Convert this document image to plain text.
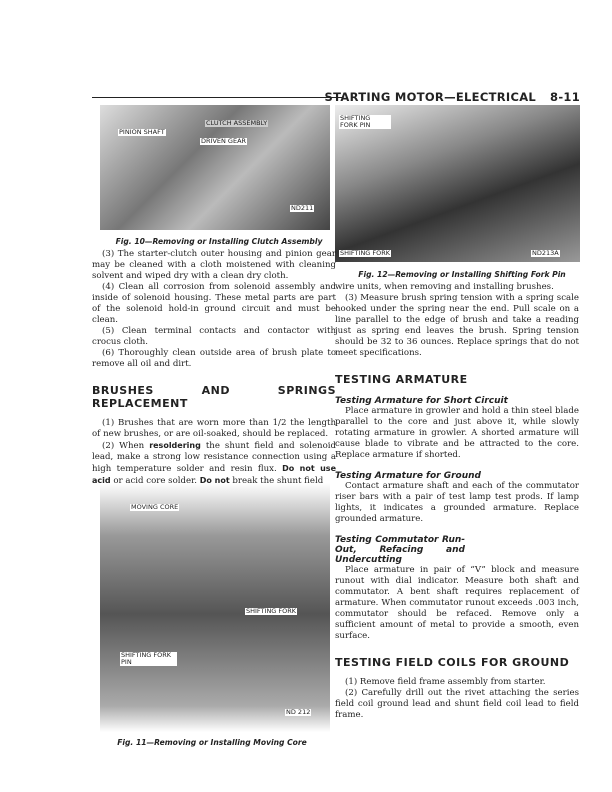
STARTING MOTOR—ELECTRICAL 8-11
CLUTCH ASSEMBLY
PINION SHAFT
DRIVEN GEAR
ND211
SHIFTING FORK PIN
SHIFTING FORK	ND213A
MOVING CORE
SHIFTING FORK
SHIFTING FORK PIN
ND 212

Fig. 11—Removing or Installing Moving Core

Fig. 10—Removing or Installing Clutch Assembly

(3) The starter-clutch outer housing and pinion gear may be cleaned with a cloth moistened with cleaning solvent and wiped dry with a clean dry cloth.

(4) Clean all corrosion from solenoid assembly and inside of solenoid housing. These metal parts are part of the solenoid hold-in ground circuit and must be clean.

(5) Clean terminal contacts and contactor with crocus cloth.

(6) Thoroughly clean outside area of brush plate to remove all oil and dirt.

BRUSHES AND SPRINGS REPLACEMENT

(1) Brushes that are worn more than 1/2 the length of new brushes, or are oil-soaked, should be replaced.

(2) When resoldering the shunt field and solenoid lead, make a strong low resistance connection using a high temperature solder and resin flux. Do not use acid or acid core solder. Do not break the shunt field

Fig. 12—Removing or Installing Shifting Fork Pin

wire units, when removing and installing brushes.

(3) Measure brush spring tension with a spring scale hooked under the spring near the end. Pull scale on a line parallel to the edge of brush and take a reading just as spring end leaves the brush. Spring tension should be 32 to 36 ounces. Replace springs that do not meet specifications.

TESTING ARMATURE
Testing Armature for Short Circuit

Place armature in growler and hold a thin steel blade parallel to the core and just above it, while slowly rotating armature in growler. A shorted armature will cause blade to vibrate and be attracted to the core. Replace armature if shorted.

Testing Armature for Ground

Contact armature shaft and each of the commutator riser bars with a pair of test lamp test prods. If lamp lights, it indicates a grounded armature. Replace grounded armature.

Testing Commutator Run-Out, Refacing and Undercutting

Place armature in pair of “V” block and measure runout with dial indicator. Measure both shaft and commutator. A bent shaft requires replacement of armature. When commutator runout exceeds .003 inch, commutator should be refaced. Remove only a sufficient amount of metal to provide a smooth, even surface.

TESTING FIELD COILS FOR GROUND

(1) Remove field frame assembly from starter.

(2) Carefully drill out the rivet attaching the series field coil ground lead and shunt field coil lead to field frame.
